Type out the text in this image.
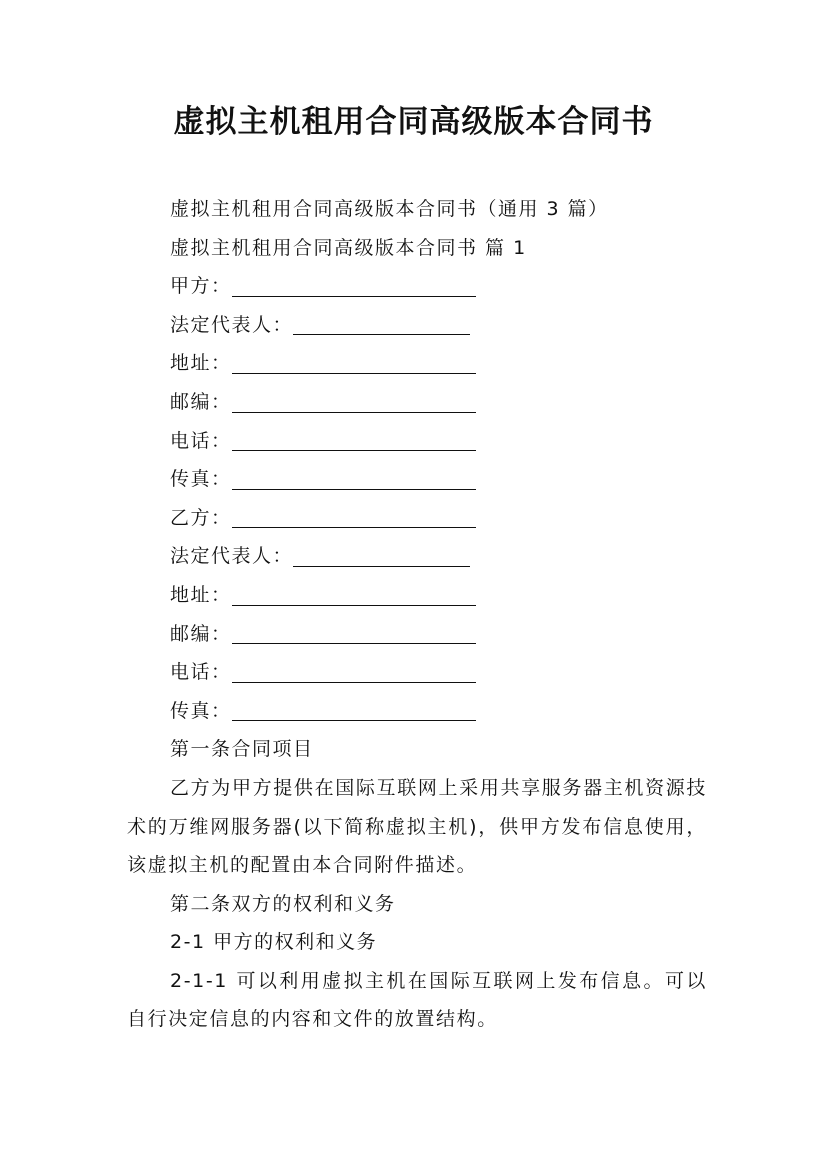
虚拟主机租用合同高级版本合同书

虚拟主机租用合同高级版本合同书（通用 3 篇）

虚拟主机租用合同高级版本合同书 篇 1

甲方：
法定代表人：
地址：
邮编：
电话：
传真：
乙方：
法定代表人：
地址：
邮编：
电话：
传真：

第一条合同项目

乙方为甲方提供在国际互联网上采用共享服务器主机资源技术的万维网服务器(以下简称虚拟主机)，供甲方发布信息使用，该虚拟主机的配置由本合同附件描述。

第二条双方的权利和义务

2-1 甲方的权利和义务

2-1-1 可以利用虚拟主机在国际互联网上发布信息。可以自行决定信息的内容和文件的放置结构。
